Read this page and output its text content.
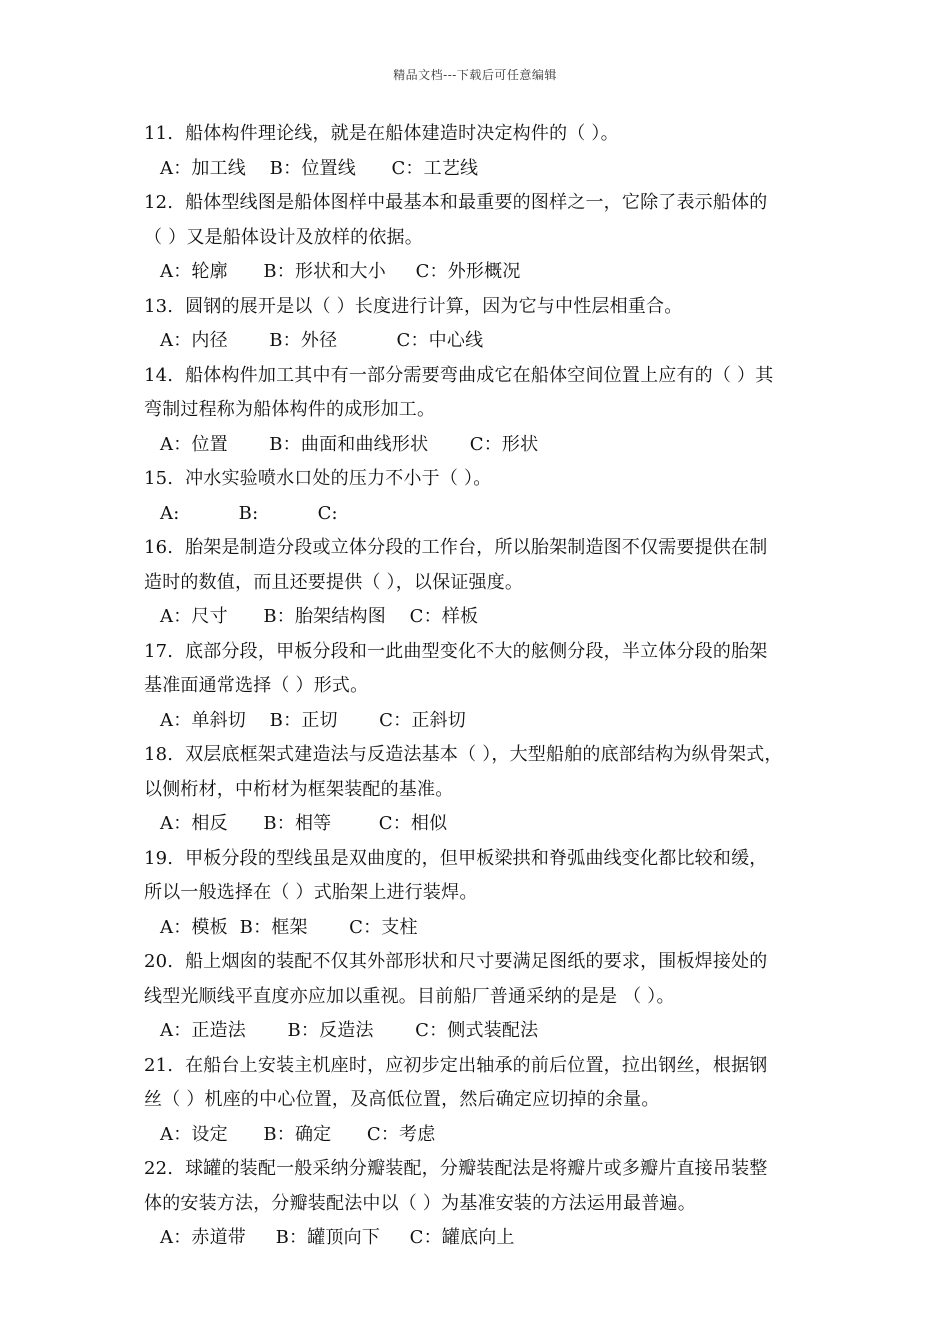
精品文档---下载后可任意编辑
11.  船体构件理论线，就是在船体建造时决定构件的（ ）。
A：加工线    B：位置线      C：工艺线
12.  船体型线图是船体图样中最基本和最重要的图样之一，它除了表示船体的
（ ）又是船体设计及放样的依据。
A：轮廓      B：形状和大小     C：外形概况
13.  圆钢的展开是以（ ）长度进行计算，因为它与中性层相重合。
A：内径       B：外径          C：中心线
14.  船体构件加工其中有一部分需要弯曲成它在船体空间位置上应有的（ ）其
弯制过程称为船体构件的成形加工。
A：位置       B：曲面和曲线形状       C：形状
15.  冲水实验喷水口处的压力不小于（ ）。
A:          B:          C:
16.  胎架是制造分段或立体分段的工作台，所以胎架制造图不仅需要提供在制
造时的数值，而且还要提供（ ），以保证强度。
A：尺寸      B：胎架结构图    C：样板
17.  底部分段，甲板分段和一此曲型变化不大的舷侧分段，半立体分段的胎架
基准面通常选择（ ）形式。
A：单斜切    B：正切       C：正斜切
18.  双层底框架式建造法与反造法基本（ ），大型船舶的底部结构为纵骨架式，
以侧桁材，中桁材为框架装配的基准。
A：相反      B：相等        C：相似
19.  甲板分段的型线虽是双曲度的，但甲板梁拱和脊弧曲线变化都比较和缓，
所以一般选择在（ ）式胎架上进行装焊。
A：模板  B：框架       C：支柱
20.  船上烟囱的装配不仅其外部形状和尺寸要满足图纸的要求，围板焊接处的
线型光顺线平直度亦应加以重视。目前船厂普通采纳的是是 （ ）。
A：正造法       B：反造法       C：侧式装配法
21.  在船台上安装主机座时，应初步定出轴承的前后位置，拉出钢丝，根据钢
丝（ ）机座的中心位置，及高低位置，然后确定应切掉的余量。
A：设定      B：确定      C：考虑
22.  球罐的装配一般采纳分瓣装配，分瓣装配法是将瓣片或多瓣片直接吊装整
体的安装方法，分瓣装配法中以（ ）为基准安装的方法运用最普遍。
A：赤道带     B：罐顶向下     C：罐底向上
